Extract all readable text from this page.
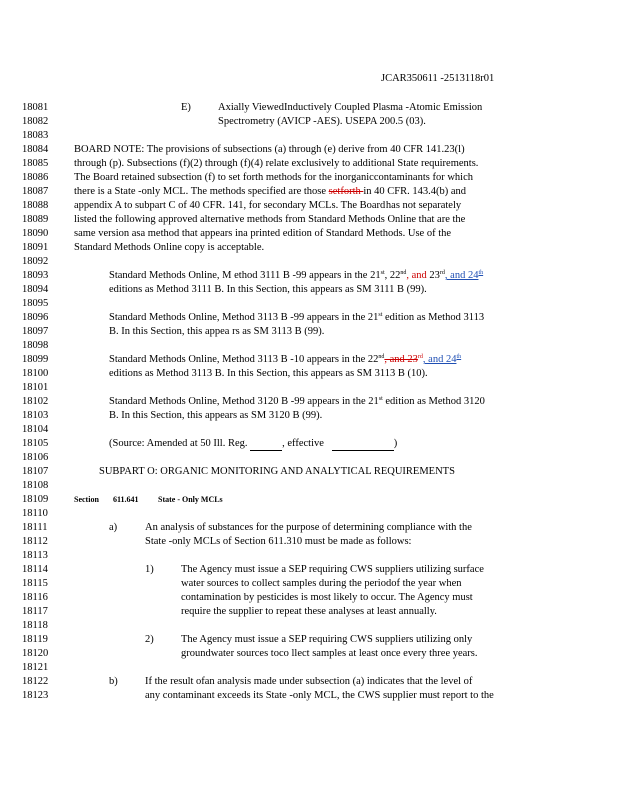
JCAR350611 -2513118r01
18081
18082
18083
18084
18085
18086
18087
18088
18089
18090
18091
18092
18093
18094
18095
18096
18097
18098
18099
18100
18101
18102
18103
18104
18105
18106
18107
18108
18109
18110
18111
18112
18113
18114
18115
18116
18117
18118
18119
18120
18121
18122
18123
E)	Axially ViewedInductively Coupled Plasma -Atomic Emission
Spectrometry (AVICP -AES). USEPA 200.5 (03).
BOARD NOTE: The provisions of subsections (a) through (e) derive from 40 CFR 141.23(l)
through (p). Subsections (f)(2) through (f)(4) relate exclusively to additional State requirements.
The Board retained subsection (f) to set forth methods for the inorganiccontaminants for which
there is a State -only MCL. The methods specified are those setforth in 40 CFR. 143.4(b) and
appendix A to subpart C of 40 CFR. 141, for secondary MCLs. The Board has not separately
listed the following approved alternative methods from Standard Methods Online that are the
same version asa method that appears ina printed edition of Standard Methods. Use of the
Standard Methods Online copy is acceptable.
Standard Methods Online, M ethod 3111 B -99 appears in the 21st, 22nd, and 23rd, and 24th
editions as Method 3111 B. In this Section, this appears as SM 3111 B (99).
Standard Methods Online, Method 3113 B -99 appears in the 21st edition as Method 3113
B. In this Section, this appea rs as SM 3113 B (99).
Standard Methods Online, Method 3113 B -10 appears in the 22nd, and 23rd, and 24th
editions as Method 3113 B. In this Section, this appears as SM 3113 B (10).
Standard Methods Online, Method 3120 B -99 appears in the 21st edition as Method 3120
B. In this Section, this appears as SM 3120 B (99).
(Source: Amended at 50 Ill. Reg.	, effective	)
SUBPART O: ORGANIC MONITORING AND ANALYTICAL REQUIREMENTS
Section 611.641 State - Only MCLs
a)	An analysis of substances for the purpose of determining compliance with the
State -only MCLs of Section 611.310 must be made as follows:
1)	The Agency must issue a SEP requiring CWS suppliers utilizing surface
water sources to collect samples during the periodof the year when
contamination by pesticides is most likely to occur. The Agency must
require the supplier to repeat these analyses at least annually.
2)	The Agency must issue a SEP requiring CWS suppliers utilizing only
groundwater sources toco llect samples at least once every three years.
b)	If the result ofan analysis made under subsection (a) indicates that the level of
any contaminant exceeds its State -only MCL, the CWS supplier must report to the
